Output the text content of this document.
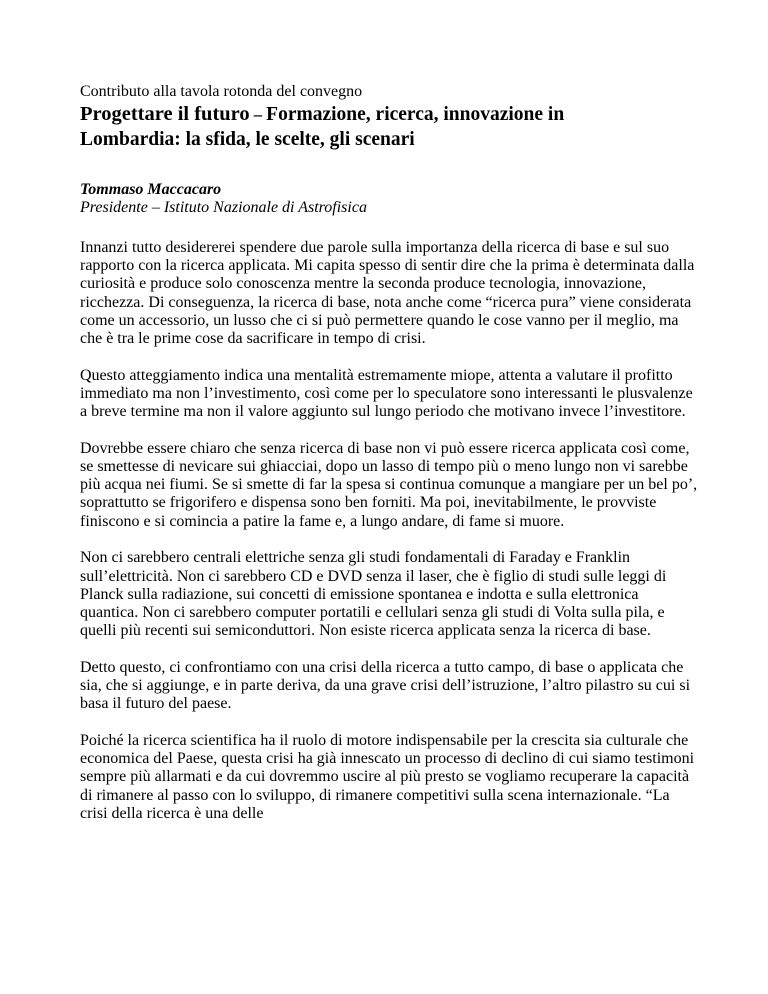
Contributo alla tavola rotonda del convegno

Progettare il futuro – Formazione, ricerca, innovazione in
Lombardia: la sfida, le scelte, gli scenari

Tommaso Maccacaro

Presidente – Istituto Nazionale di Astrofisica

Innanzi tutto desidererei spendere due parole sulla importanza della ricerca di base e sul suo rapporto con la ricerca applicata. Mi capita spesso di sentir dire che la prima è determinata dalla curiosità e produce solo conoscenza mentre la seconda produce tecnologia, innovazione, ricchezza. Di conseguenza, la ricerca di base, nota anche come “ricerca pura” viene considerata come un accessorio, un lusso che ci si può permettere quando le cose vanno per il meglio, ma che è tra le prime cose da sacrificare in tempo di crisi.

Questo atteggiamento indica una mentalità estremamente miope, attenta a valutare il profitto immediato ma non l’investimento, così come per lo speculatore sono interessanti le plusvalenze a breve termine ma non il valore aggiunto sul lungo periodo che motivano invece l’investitore.

Dovrebbe essere chiaro che senza ricerca di base non vi può essere ricerca applicata così come, se smettesse di nevicare sui ghiacciai, dopo un lasso di tempo più o meno lungo non vi sarebbe più acqua nei fiumi. Se si smette di far la spesa si continua comunque a mangiare per un bel po’, soprattutto se frigorifero e dispensa sono ben forniti. Ma poi, inevitabilmente, le provviste finiscono e si comincia a patire la fame e, a lungo andare, di fame si muore.

Non ci sarebbero centrali elettriche senza gli studi fondamentali di Faraday e Franklin sull’elettricità. Non ci sarebbero CD e DVD senza il laser, che è figlio di studi sulle leggi di Planck sulla radiazione, sui concetti di emissione spontanea e indotta e sulla elettronica quantica. Non ci sarebbero computer portatili e cellulari senza gli studi di Volta sulla pila, e quelli più recenti sui semiconduttori. Non esiste ricerca applicata senza la ricerca di base.

Detto questo, ci confrontiamo con una crisi della ricerca a tutto campo, di base o applicata che sia, che si aggiunge, e in parte deriva, da una grave crisi dell’istruzione, l’altro pilastro su cui si basa il futuro del paese.

Poiché la ricerca scientifica ha il ruolo di motore indispensabile per la crescita sia culturale che economica del Paese, questa crisi ha già innescato un processo di declino di cui siamo testimoni sempre più allarmati e da cui dovremmo uscire al più presto se vogliamo recuperare la capacità di rimanere al passo con lo sviluppo, di rimanere competitivi sulla scena internazionale. “La crisi della ricerca è una delle
